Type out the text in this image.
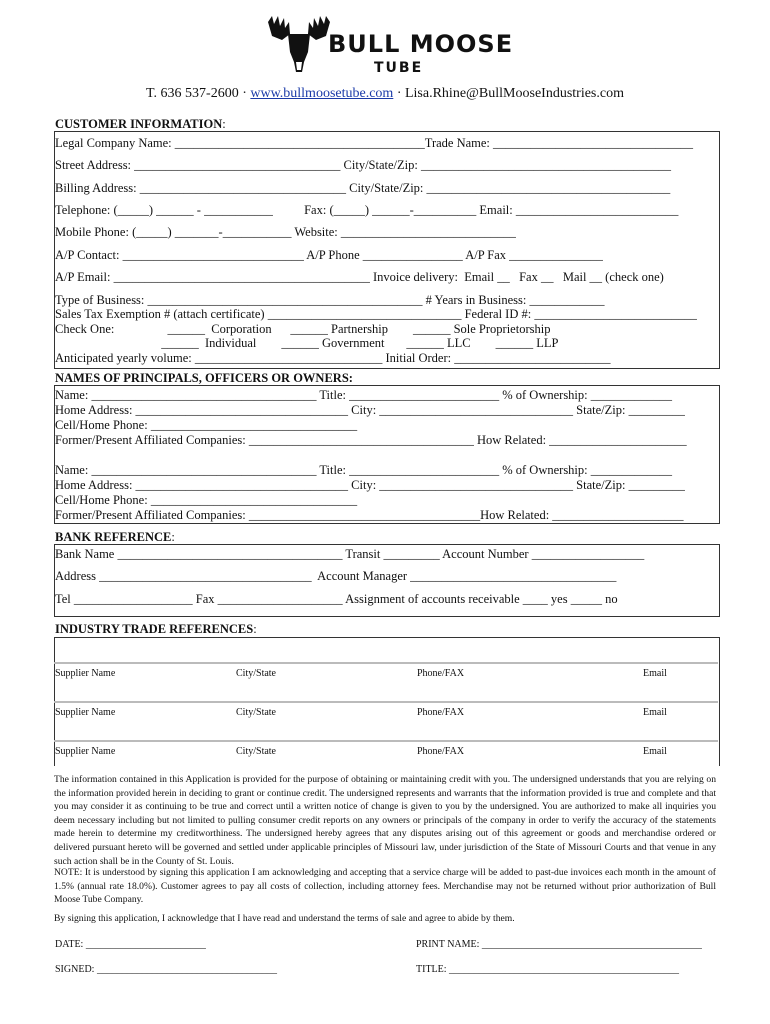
BULL MOOSE
TUBE
T. 636 537-2600 · www.bullmoosetube.com · Lisa.Rhine@BullMooseIndustries.com
CUSTOMER INFORMATION:
Legal Company Name: ________________________________________Trade Name: ________________________________
Street Address: _________________________________ City/State/Zip: ________________________________________
Billing Address: _________________________________ City/State/Zip: _______________________________________
Telephone: (_____) ______ - ___________          Fax: (_____) ______-__________ Email: __________________________
Mobile Phone: (_____) _______-___________ Website: ____________________________
A/P Contact: _____________________________ A/P Phone ________________ A/P Fax _______________
A/P Email: _________________________________________ Invoice delivery:  Email __   Fax __   Mail __ (check one)
Type of Business: ____________________________________________ # Years in Business: ____________
Sales Tax Exemption # (attach certificate) _______________________________ Federal ID #: __________________________
Check One:                 ______  Corporation      ______ Partnership        ______ Sole Proprietorship
______  Individual        ______ Government       ______ LLC        ______ LLP
Anticipated yearly volume: ______________________________ Initial Order: _________________________
NAMES OF PRINCIPALS, OFFICERS OR OWNERS:
Name: ____________________________________ Title: ________________________ % of Ownership: _____________
Home Address: __________________________________ City: _______________________________ State/Zip: _________
Cell/Home Phone: _________________________________
Former/Present Affiliated Companies: ____________________________________ How Related: ______________________
Name: ____________________________________ Title: ________________________ % of Ownership: _____________
Home Address: __________________________________ City: _______________________________ State/Zip: _________
Cell/Home Phone: _________________________________
Former/Present Affiliated Companies: _____________________________________How Related: _____________________
BANK REFERENCE:
Bank Name ____________________________________ Transit _________ Account Number __________________
Address __________________________________  Account Manager _________________________________
Tel ___________________ Fax ____________________ Assignment of accounts receivable ____ yes _____ no
INDUSTRY TRADE REFERENCES:
Supplier Name	City/State	Phone/FAX	Email
Supplier Name	City/State	Phone/FAX	Email
Supplier Name	City/State	Phone/FAX	Email
The information contained in this Application is provided for the purpose of obtaining or maintaining credit with you. The undersigned understands that you are relying on the information provided herein in deciding to grant or continue credit. The undersigned represents and warrants that the information provided is true and complete and that you may consider it as continuing to be true and correct until a written notice of change is given to you by the undersigned. You are authorized to make all inquiries you deem necessary including but not limited to pulling consumer credit reports on any owners or principals of the company in order to verify the accuracy of the statements made herein to determine my creditworthiness. The undersigned hereby agrees that any disputes arising out of this agreement or goods and merchandise ordered or delivered pursuant hereto will be governed and settled under applicable principles of Missouri law, under jurisdiction of the State of Missouri Courts and that venue in any such action shall be in the County of St. Louis.
NOTE: It is understood by signing this application I am acknowledging and accepting that a service charge will be added to past-due invoices each month in the amount of 1.5% (annual rate 18.0%). Customer agrees to pay all costs of collection, including attorney fees. Merchandise may not be returned without prior authorization of Bull Moose Tube Company.
By signing this application, I acknowledge that I have read and understand the terms of sale and agree to abide by them.
DATE: ________________________	PRINT NAME: ____________________________________________
SIGNED: ____________________________________	TITLE: ______________________________________________
